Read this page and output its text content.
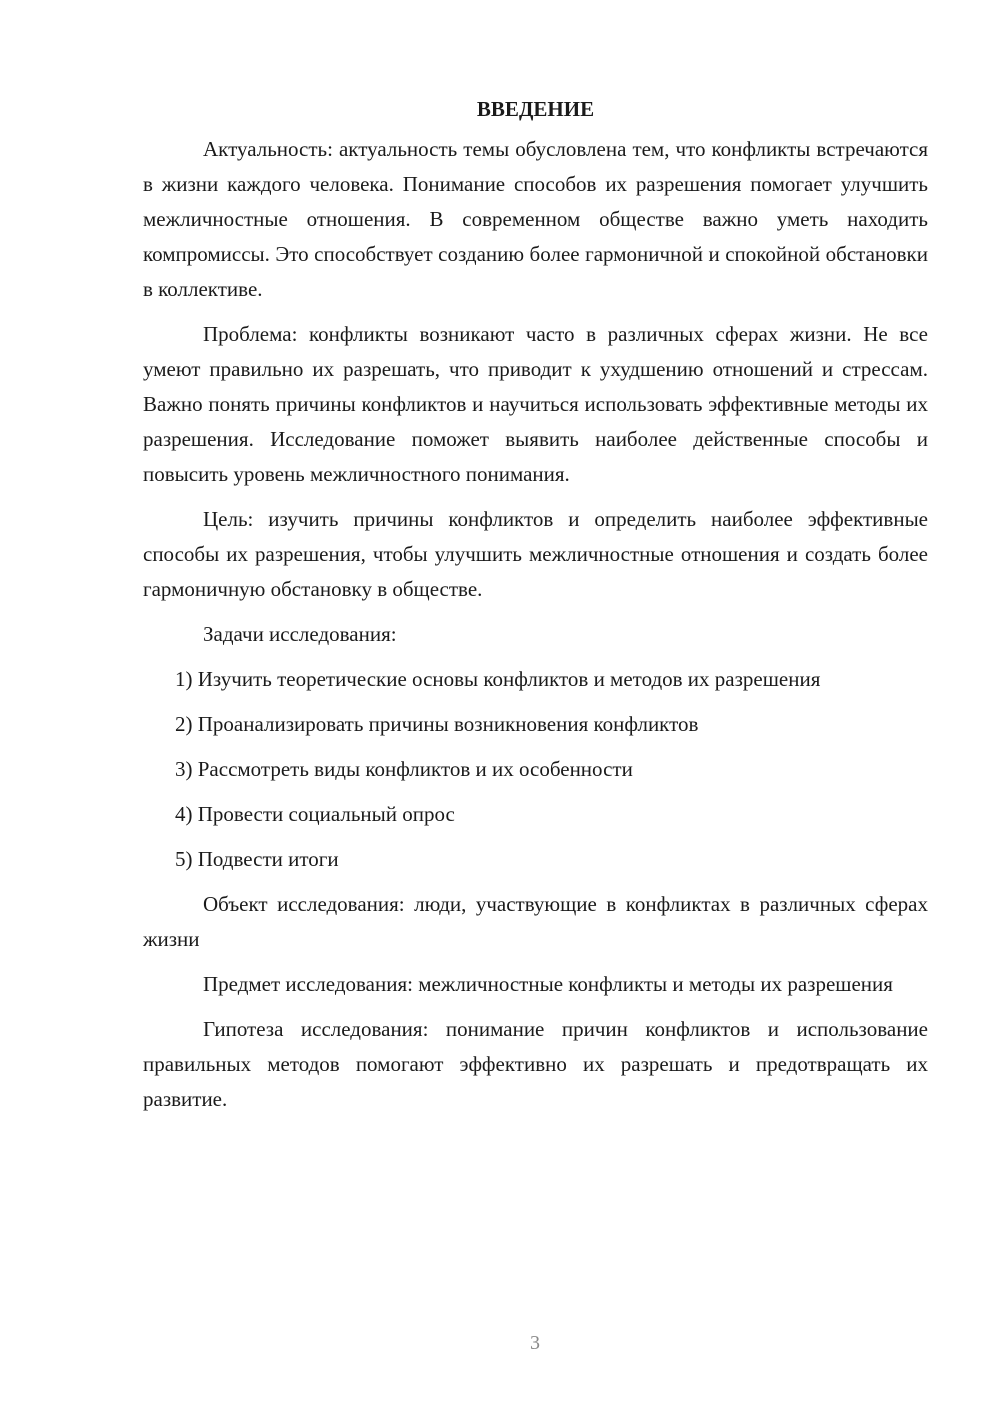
ВВЕДЕНИЕ

Актуальность: актуальность темы обусловлена тем, что конфликты встречаются в жизни каждого человека. Понимание способов их разрешения помогает улучшить межличностные отношения. В современном обществе важно уметь находить компромиссы. Это способствует созданию более гармоничной и спокойной обстановки в коллективе.

Проблема: конфликты возникают часто в различных сферах жизни. Не все умеют правильно их разрешать, что приводит к ухудшению отношений и стрессам. Важно понять причины конфликтов и научиться использовать эффективные методы их разрешения. Исследование поможет выявить наиболее действенные способы и повысить уровень межличностного понимания.

Цель: изучить причины конфликтов и определить наиболее эффективные способы их разрешения, чтобы улучшить межличностные отношения и создать более гармоничную обстановку в обществе.

Задачи исследования:

1) Изучить теоретические основы конфликтов и методов их разрешения
2) Проанализировать причины возникновения конфликтов
3) Рассмотреть виды конфликтов и их особенности
4) Провести социальный опрос
5) Подвести итоги

Объект исследования: люди, участвующие в конфликтах в различных сферах жизни

Предмет исследования: межличностные конфликты и методы их разрешения

Гипотеза исследования: понимание причин конфликтов и использование правильных методов помогают эффективно их разрешать и предотвращать их развитие.

3
